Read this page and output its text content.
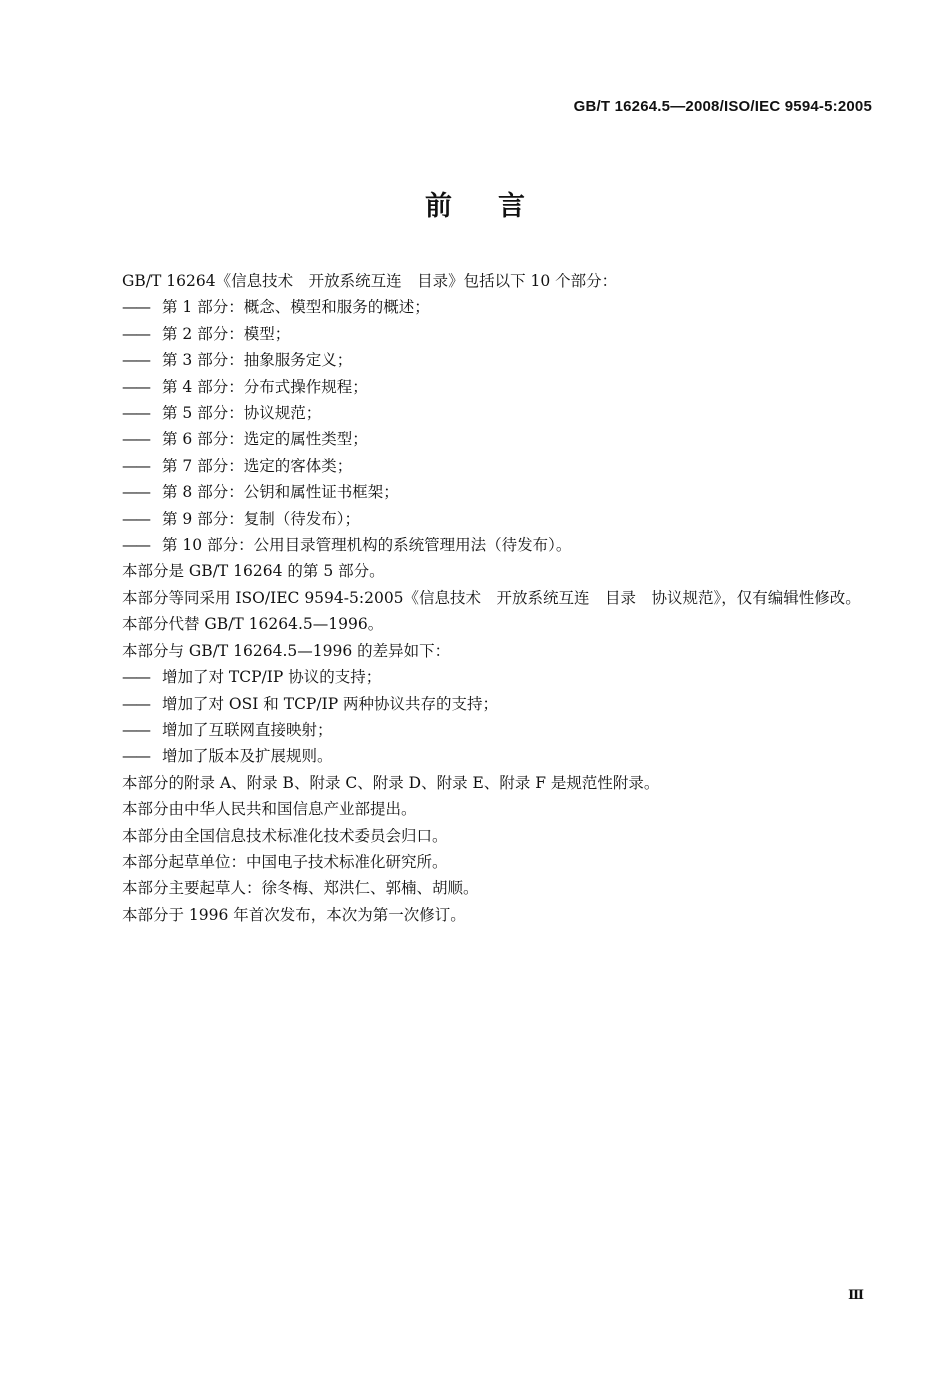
GB/T 16264.5—2008/ISO/IEC 9594-5:2005
前言

GB/T 16264《信息技术　开放系统互连　目录》包括以下 10 个部分：

—— 第 1 部分：概念、模型和服务的概述；

—— 第 2 部分：模型；

—— 第 3 部分：抽象服务定义；

—— 第 4 部分：分布式操作规程；

—— 第 5 部分：协议规范；

—— 第 6 部分：选定的属性类型；

—— 第 7 部分：选定的客体类；

—— 第 8 部分：公钥和属性证书框架；

—— 第 9 部分：复制（待发布）；

—— 第 10 部分：公用目录管理机构的系统管理用法（待发布）。

本部分是 GB/T 16264 的第 5 部分。

本部分等同采用 ISO/IEC 9594-5:2005《信息技术　开放系统互连　目录　协议规范》，仅有编辑性修改。

本部分代替 GB/T 16264.5—1996。

本部分与 GB/T 16264.5—1996 的差异如下：

—— 增加了对 TCP/IP 协议的支持；

—— 增加了对 OSI 和 TCP/IP 两种协议共存的支持；

—— 增加了互联网直接映射；

—— 增加了版本及扩展规则。

本部分的附录 A、附录 B、附录 C、附录 D、附录 E、附录 F 是规范性附录。

本部分由中华人民共和国信息产业部提出。

本部分由全国信息技术标准化技术委员会归口。

本部分起草单位：中国电子技术标准化研究所。

本部分主要起草人：徐冬梅、郑洪仁、郭楠、胡顺。

本部分于 1996 年首次发布，本次为第一次修订。

Ⅲ
